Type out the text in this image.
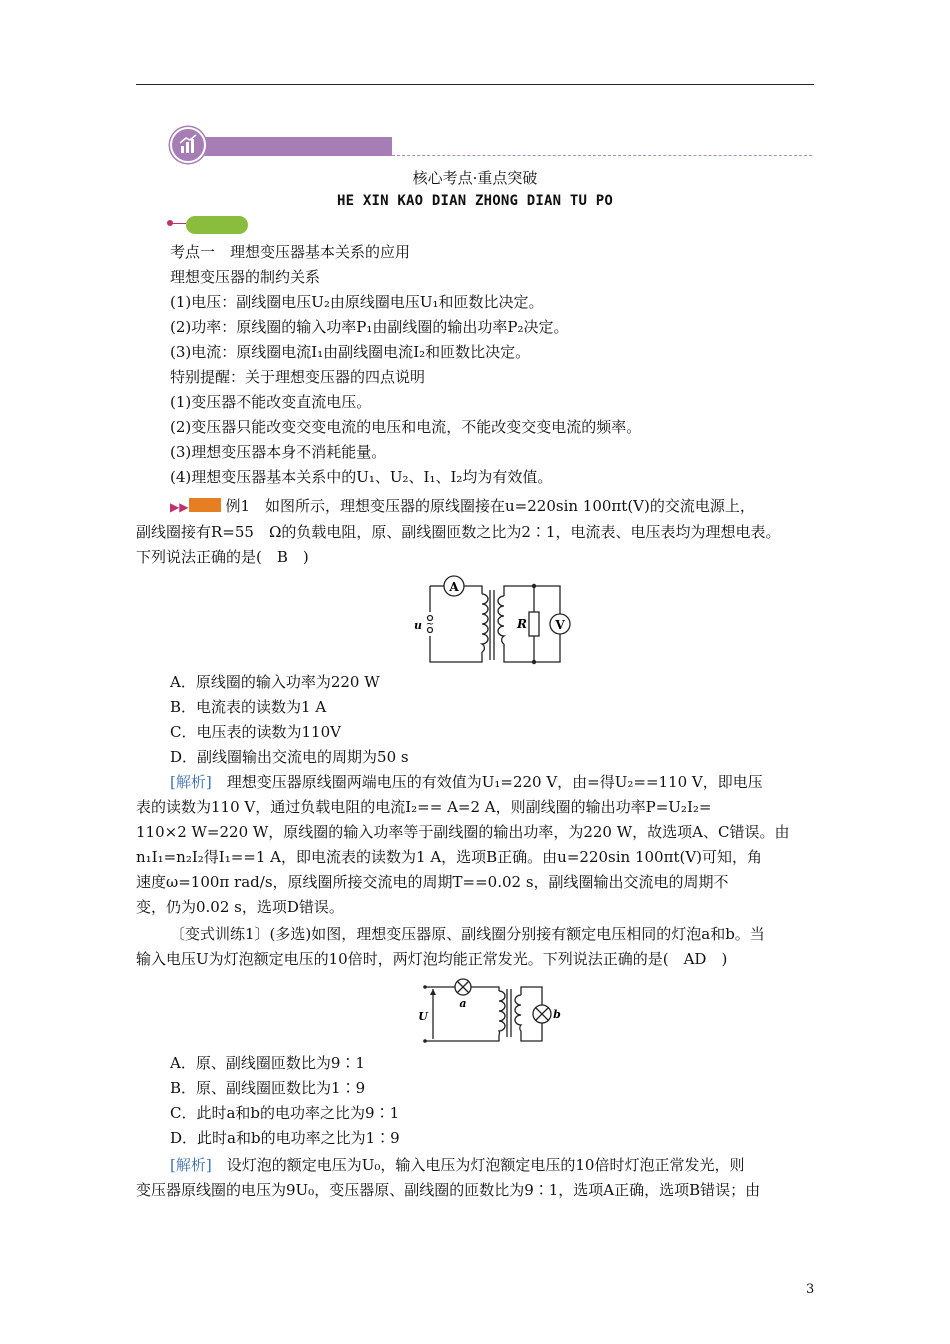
核心考点·重点突破
HE XIN KAO DIAN ZHONG DIAN TU PO
考点一　理想变压器基本关系的应用
理想变压器的制约关系
(1)电压：副线圈电压U₂由原线圈电压U₁和匝数比决定。
(2)功率：原线圈的输入功率P₁由副线圈的输出功率P₂决定。
(3)电流：原线圈电流I₁由副线圈电流I₂和匝数比决定。
特别提醒：关于理想变压器的四点说明
(1)变压器不能改变直流电压。
(2)变压器只能改变交变电流的电压和电流，不能改变交变电流的频率。
(3)理想变压器本身不消耗能量。
(4)理想变压器基本关系中的U₁、U₂、I₁、I₂均为有效值。
▶▶ 例1　如图所示，理想变压器的原线圈接在u=220sin 100πt(V)的交流电源上，
副线圈接有R=55　Ω的负载电阻，原、副线圈匝数之比为2∶1，电流表、电压表均为理想电表。
下列说法正确的是(　B　)
A
V
R
u ~
A．原线圈的输入功率为220 W
B．电流表的读数为1 A
C．电压表的读数为110V
D．副线圈输出交流电的周期为50 s
[解析]　理想变压器原线圈两端电压的有效值为U₁=220 V，由=得U₂==110 V，即电压
表的读数为110 V，通过负载电阻的电流I₂== A=2 A，则副线圈的输出功率P=U₂I₂=
110×2 W=220 W，原线圈的输入功率等于副线圈的输出功率，为220 W，故选项A、C错误。由
n₁I₁=n₂I₂得I₁==1 A，即电流表的读数为1 A，选项B正确。由u=220sin 100πt(V)可知，角
速度ω=100π rad/s，原线圈所接交流电的周期T==0.02 s，副线圈输出交流电的周期不
变，仍为0.02 s，选项D错误。
〔变式训练1〕(多选)如图，理想变压器原、副线圈分别接有额定电压相同的灯泡a和b。当
输入电压U为灯泡额定电压的10倍时，两灯泡均能正常发光。下列说法正确的是(　AD　)
a
b
U
A．原、副线圈匝数比为9∶1
B．原、副线圈匝数比为1∶9
C．此时a和b的电功率之比为9∶1
D．此时a和b的电功率之比为1∶9
[解析]　设灯泡的额定电压为U₀，输入电压为灯泡额定电压的10倍时灯泡正常发光，则
变压器原线圈的电压为9U₀，变压器原、副线圈的匝数比为9∶1，选项A正确，选项B错误；由
3
